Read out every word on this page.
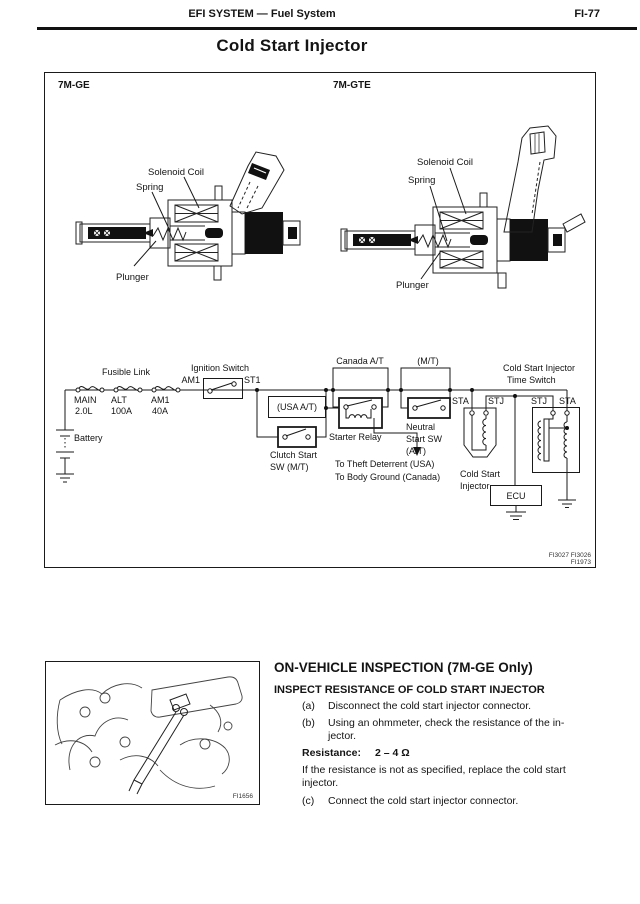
EFI SYSTEM — Fuel System	FI-77
Cold Start Injector
7M-GE	7M-GTE
Solenoid Coil
Spring
Plunger
Solenoid Coil
Spring
Plunger
Battery
Fusible Link
MAIN
2.0L
ALT
100A
AM1
40A
Ignition Switch
AM1	ST1
(USA A/T)
Clutch Start
SW (M/T)
Canada A/T
Starter Relay
To Theft Deterrent (USA)
To Body Ground (Canada)
(M/T)
Neutral
Start SW
(A/T)
STA STJ	STJ STA
Cold Start
Injector
ECU
Cold Start Injector
Time Switch
FI3027 FI3026
FI1973
FI1656
ON-VEHICLE INSPECTION (7M-GE Only)
INSPECT RESISTANCE OF COLD START INJECTOR
(a) Disconnect the cold start injector connector.
(b) Using an ohmmeter, check the resistance of the in-
jector.
Resistance: 2 – 4 Ω
If the resistance is not as specified, replace the cold start
injector.
(c) Connect the cold start injector connector.
